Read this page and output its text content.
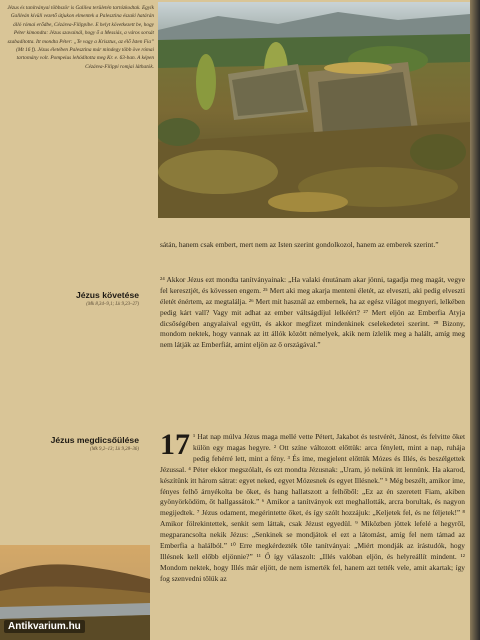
Jézus és tanítványai többször is Galilea területén tartózkodtak. Egyik Galileán kívüli vezető útjukon elmentek a Palesztina északi határán álló római erődbe, Cézárea-Filippibe. E helyt következett be, hogy Péter kimondta: Jézus szavainál, hogy ő a Messiás, a város sorsát szabadította. Itt mondta Péter: „Te vagy a Krisztus, az élő Isten Fia” (Mt 16 f). Jézus életében Palesztina már mindegy több öve római tartomány volt. Pompeius lehódította meg Kr. e. 63-ban. A képen Cézárea-Filippi romjai láthatók.
Jézus követése
(Mk 8,34–9,1; Lk 9,23–27)

sátán, hanem csak embert, mert nem az Isten szerint gondolkozol, hanem az emberek szerint.”

²⁴ Akkor Jézus ezt mondta tanítványainak: „Ha valaki énutánam akar jönni, tagadja meg magát, vegye fel keresztjét, és kövessen engem. ²⁵ Mert aki meg akarja menteni életét, az elveszti, aki pedig elveszti életét énértem, az megtalálja. ²⁶ Mert mit használ az embernek, ha az egész világot megnyeri, lelkében pedig kárt vall? Vagy mit adhat az ember váltságdíjul lelkéért? ²⁷ Mert eljön az Emberfia Atyja dicsőségében angyalaival együtt, és akkor megfizet mindenkinek cselekedetei szerint. ²⁸ Bizony, mondom nektek, hogy vannak az itt állók között némelyek, akik nem ízlelik meg a halált, amíg meg nem látják az Emberfiát, amint eljön az ő országával.”

Jézus megdicsőülése
(Mk 9,2–13; Lk 9,28–36) 17 ¹ Hat nap múlva Jézus maga mellé vette Pétert, Jakabot és testvérét, Jánost, és felvitte őket külön egy magas hegyre. ² Ott színe változott előttük: arca fénylett, mint a nap, ruhája pedig fehérré lett, mint a fény. ³ És íme, megjelent előttük Mózes és Illés, és beszélgettek Jézussal. ⁴ Péter ekkor megszólalt, és ezt mondta Jézusnak: „Uram, jó nekünk itt lennünk. Ha akarod, készítünk itt három sátrat: egyet neked, egyet Mózesnek és egyet Illésnek.” ⁵ Még beszélt, amikor íme, fényes felhő árnyékolta be őket, és hang hallatszott a felhőből: „Ez az én szeretett Fiam, akiben gyönyörködöm, őt hallgassátok.” ⁶ Amikor a tanítványok ezt meghallották, arcra borultak, és nagyon megijedtek. ⁷ Jézus odament, megérintette őket, és így szólt hozzájuk: „Keljetek fel, és ne féljetek!” ⁸ Amikor fölrekintettek, senkit sem láttak, csak Jézust egyedül. ⁹ Miközben jöttek lefelé a hegyről, megparancsolta nekik Jézus: „Senkinek se mondjátok el ezt a látomást, amíg fel nem támad az Emberfia a halálból.” ¹⁰ Erre megkérdezték tőle tanítványai: „Miért mondják az írástudók, hogy Illésnek kell előbb eljönnie?” ¹¹ Ő így válaszolt: „Illés valóban eljön, és helyreállít mindent. ¹² Mondom nektek, hogy Illés már eljött, de nem ismerték fel, hanem azt tették vele, amit akartak; így fog szenvedni tőlük az

Antikvarium.hu
